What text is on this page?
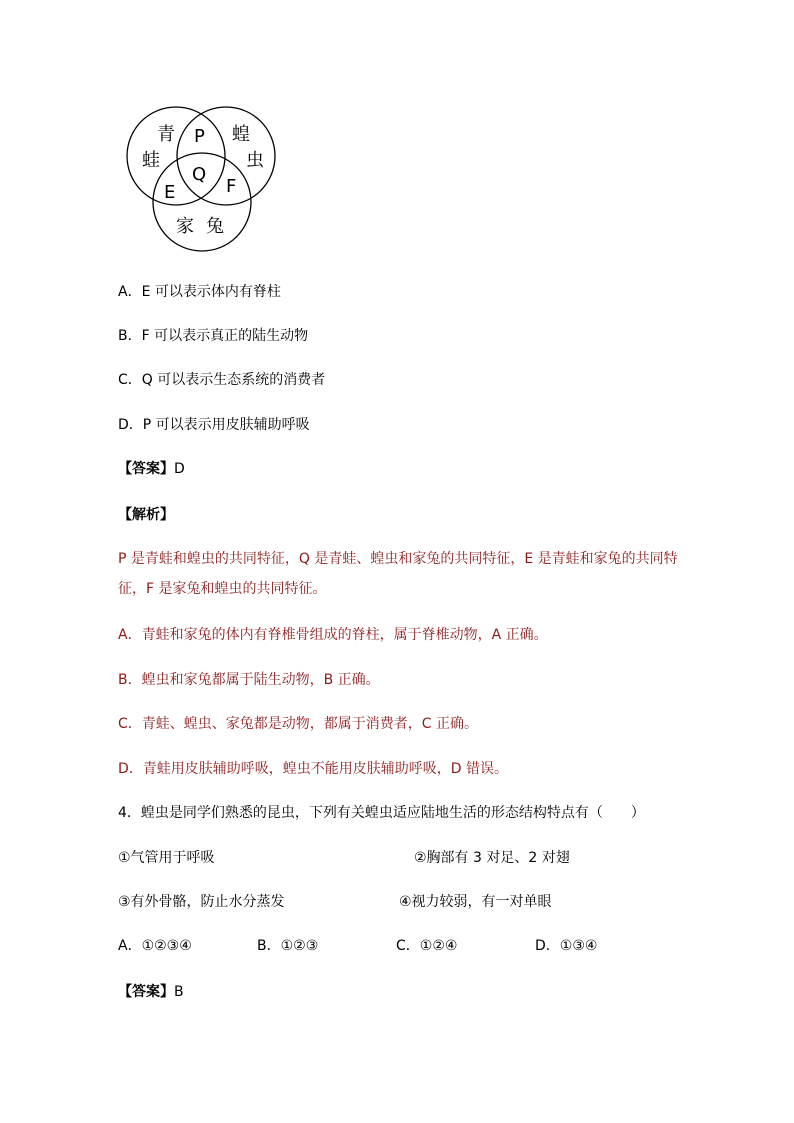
青
蛙
蝗
虫
家 兔
P
Q
E	F
A．E 可以表示体内有脊柱
B．F 可以表示真正的陆生动物
C．Q 可以表示生态系统的消费者
D．P 可以表示用皮肤辅助呼吸
【答案】D
【解析】
P 是青蛙和蝗虫的共同特征，Q 是青蛙、蝗虫和家兔的共同特征，E 是青蛙和家兔的共同特
征，F 是家兔和蝗虫的共同特征。
A．青蛙和家兔的体内有脊椎骨组成的脊柱，属于脊椎动物，A 正确。
B．蝗虫和家兔都属于陆生动物，B 正确。
C．青蛙、蝗虫、家兔都是动物，都属于消费者，C 正确。
D．青蛙用皮肤辅助呼吸，蝗虫不能用皮肤辅助呼吸，D 错误。
4．蝗虫是同学们熟悉的昆虫，下列有关蝗虫适应陆地生活的形态结构特点有（　　）
①气管用于呼吸	②胸部有 3 对足、2 对翅
③有外骨骼，防止水分蒸发	④视力较弱，有一对单眼
A．①②③④	B．①②③	C．①②④	D．①③④
【答案】B
